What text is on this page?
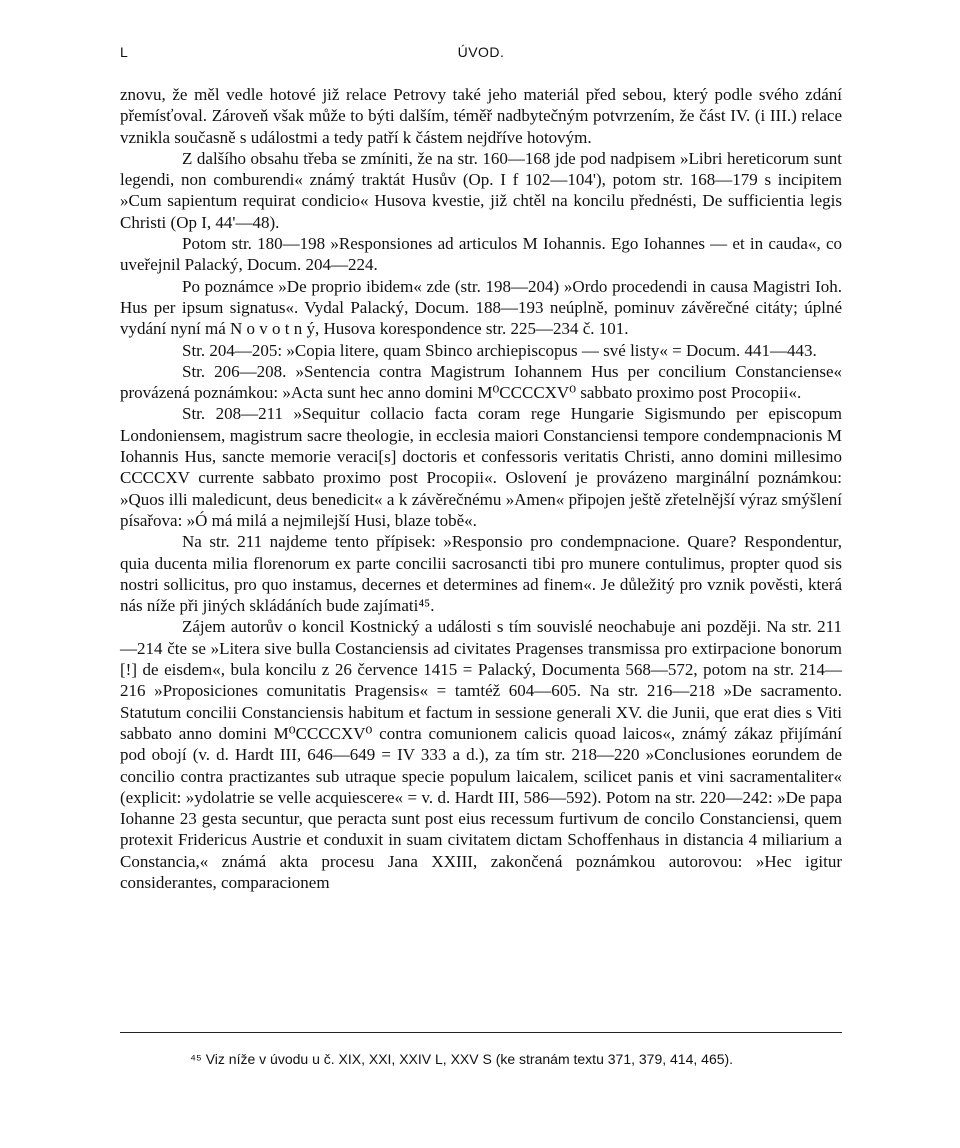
L	ÚVOD.

znovu, že měl vedle hotové již relace Petrovy také jeho materiál před sebou, který podle svého zdání přemísťoval. Zároveň však může to býti dalším, téměř nadbytečným potvrzením, že část IV. (i III.) relace vznikla současně s událostmi a tedy patří k částem nejdříve hotovým.

Z dalšího obsahu třeba se zmíniti, že na str. 160—168 jde pod nadpisem »Libri hereticorum sunt legendi, non comburendi« známý traktát Husův (Op. I f 102—104'), potom str. 168—179 s incipitem »Cum sapientum requirat condicio« Husova kvestie, již chtěl na koncilu přednésti, De sufficientia legis Christi (Op I, 44'—48).

Potom str. 180—198 »Responsiones ad articulos M Iohannis. Ego Iohannes — et in cauda«, co uveřejnil Palacký, Docum. 204—224.

Po poznámce »De proprio ibidem« zde (str. 198—204) »Ordo procedendi in causa Magistri Ioh. Hus per ipsum signatus«. Vydal Palacký, Docum. 188—193 neúplně, pominuv závěrečné citáty; úplné vydání nyní má N o v o t n ý, Husova korespondence str. 225—234 č. 101.

Str. 204—205: »Copia litere, quam Sbinco archiepiscopus — své listy« = Docum. 441—443.

Str. 206—208. »Sentencia contra Magistrum Iohannem Hus per concilium Constanciense« provázená poznámkou: »Acta sunt hec anno domini M⁰CCCCXV⁰ sabbato proximo post Procopii«.

Str. 208—211 »Sequitur collacio facta coram rege Hungarie Sigismundo per episcopum Londoniensem, magistrum sacre theologie, in ecclesia maiori Constanciensi tempore condempnacionis M Iohannis Hus, sancte memorie veraci[s] doctoris et confessoris veritatis Christi, anno domini millesimo CCCCXV currente sabbato proximo post Procopii«. Oslovení je provázeno marginální poznámkou: »Quos illi maledicunt, deus benedicit« a k závěrečnému »Amen« připojen ještě zřetelnější výraz smýšlení písařova: »Ó má milá a nejmilejší Husi, blaze tobě«.

Na str. 211 najdeme tento přípisek: »Responsio pro condempnacione. Quare? Respondentur, quia ducenta milia florenorum ex parte concilii sacrosancti tibi pro munere contulimus, propter quod sis nostri sollicitus, pro quo instamus, decernes et determines ad finem«. Je důležitý pro vznik pověsti, která nás níže při jiných skládáních bude zajímati⁴⁵.

Zájem autorův o koncil Kostnický a události s tím souvislé neochabuje ani později. Na str. 211—214 čte se »Litera sive bulla Costanciensis ad civitates Pragenses transmissa pro extirpacione bonorum [!] de eisdem«, bula koncilu z 26 července 1415 = Palacký, Documenta 568—572, potom na str. 214—216 »Proposiciones comunitatis Pragensis« = tamtéž 604—605. Na str. 216—218 »De sacramento. Statutum concilii Constanciensis habitum et factum in sessione generali XV. die Junii, que erat dies s Viti sabbato anno domini M⁰CCCCXV⁰ contra comunionem calicis quoad laicos«, známý zákaz přijímání pod obojí (v. d. Hardt III, 646—649 = IV 333 a d.), za tím str. 218—220 »Conclusiones eorundem de concilio contra practizantes sub utraque specie populum laicalem, scilicet panis et vini sacramentaliter« (explicit: »ydolatrie se velle acquiescere« = v. d. Hardt III, 586—592). Potom na str. 220—242: »De papa Iohanne 23 gesta secuntur, que peracta sunt post eius recessum furtivum de concilo Constanciensi, quem protexit Fridericus Austrie et conduxit in suam civitatem dictam Schoffenhaus in distancia 4 miliarium a Constancia,« známá akta procesu Jana XXIII, zakončená poznámkou autorovou: »Hec igitur considerantes, comparacionem

⁴⁵ Viz níže v úvodu u č. XIX, XXI, XXIV L, XXV S (ke stranám textu 371, 379, 414, 465).
